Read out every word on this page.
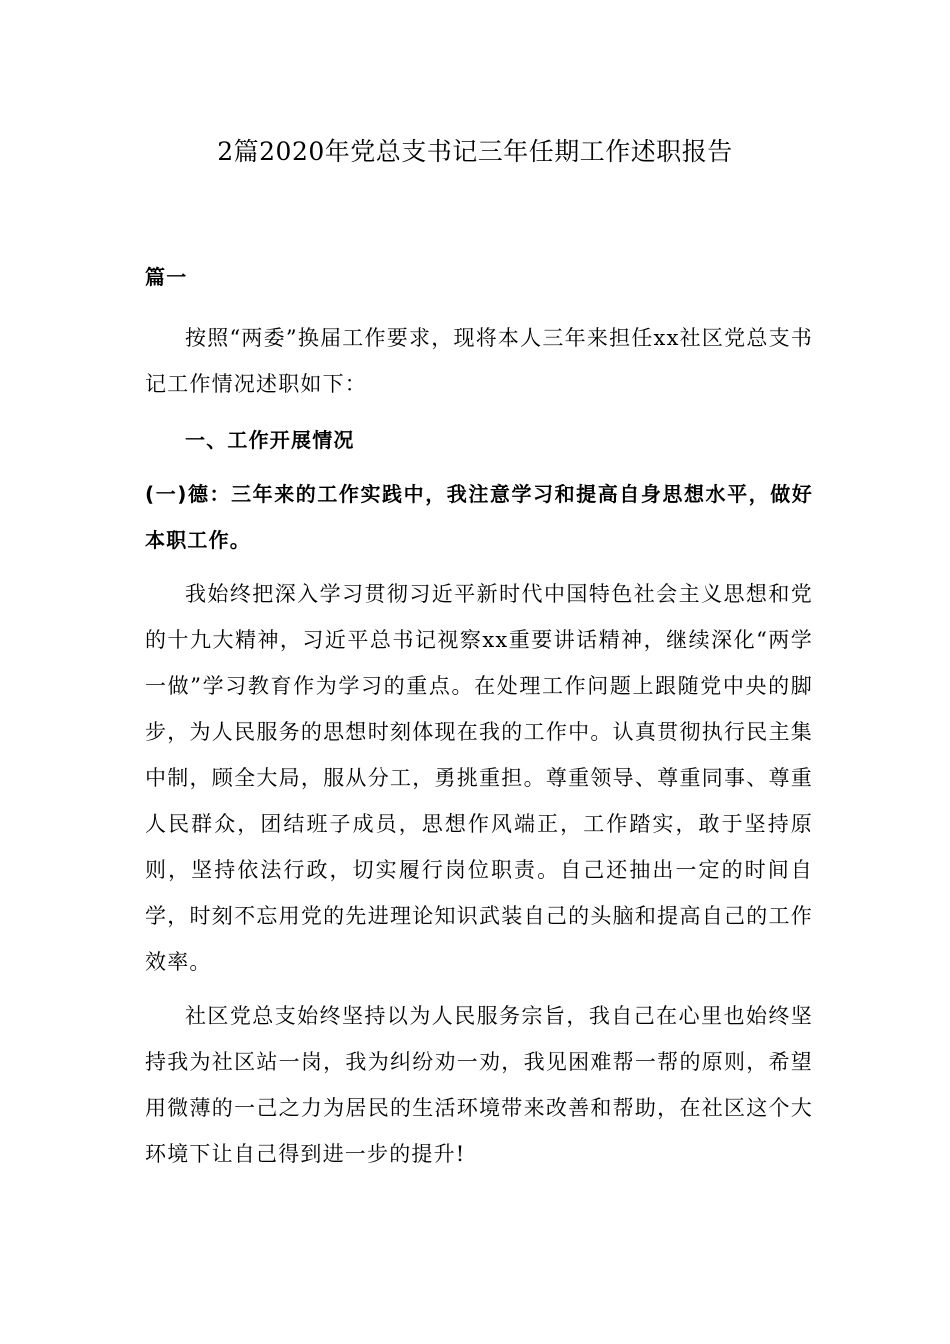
2篇2020年党总支书记三年任期工作述职报告

篇一

按照“两委”换届工作要求，现将本人三年来担任xx社区党总支书记工作情况述职如下：

一、工作开展情况

(一)德：三年来的工作实践中，我注意学习和提高自身思想水平，做好本职工作。

我始终把深入学习贯彻习近平新时代中国特色社会主义思想和党的十九大精神，习近平总书记视察xx重要讲话精神，继续深化“两学一做”学习教育作为学习的重点。在处理工作问题上跟随党中央的脚步，为人民服务的思想时刻体现在我的工作中。认真贯彻执行民主集中制，顾全大局，服从分工，勇挑重担。尊重领导、尊重同事、尊重人民群众，团结班子成员，思想作风端正，工作踏实，敢于坚持原则，坚持依法行政，切实履行岗位职责。自己还抽出一定的时间自学，时刻不忘用党的先进理论知识武装自己的头脑和提高自己的工作效率。

社区党总支始终坚持以为人民服务宗旨，我自己在心里也始终坚持我为社区站一岗，我为纠纷劝一劝，我见困难帮一帮的原则，希望用微薄的一己之力为居民的生活环境带来改善和帮助，在社区这个大环境下让自己得到进一步的提升!
